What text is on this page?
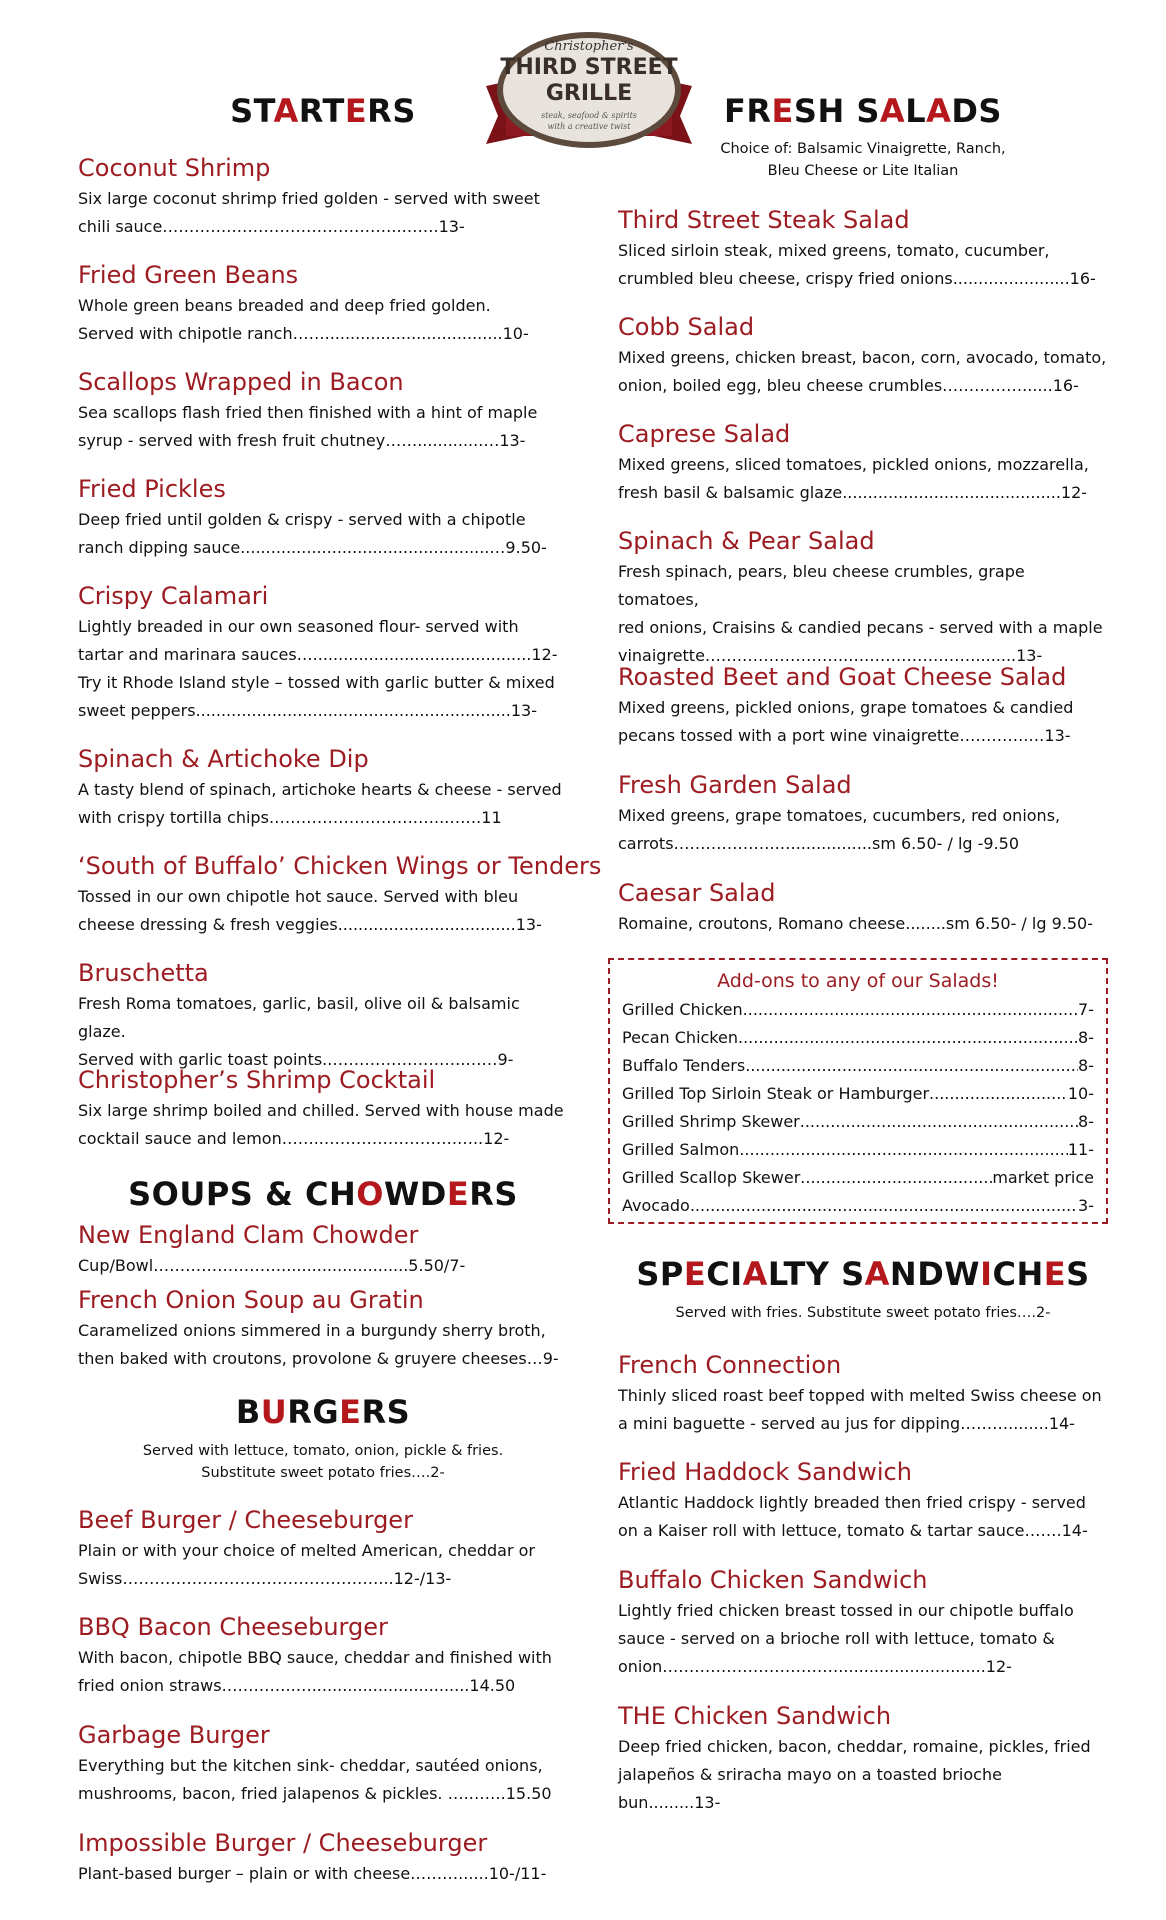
Christopher's
THIRD STREET
GRILLE
steak, seafood & spirits
with a creative twist
STARTERS
Coconut Shrimp
Six large coconut shrimp fried golden - served with sweet
chili sauce………….…………………………..…….13-
Fried Green Beans
Whole green beans breaded and deep fried golden.
Served with chipotle ranch……...................................10-
Scallops Wrapped in Bacon
Sea scallops flash fried then finished with a hint of maple
syrup - served with fresh fruit chutney…….............…13-
Fried Pickles
Deep fried until golden & crispy - served with a chipotle
ranch dipping sauce.................................................…9.50-
Crispy Calamari
Lightly breaded in our own seasoned flour- served with
tartar and marinara sauces…...........................................12-
Try it Rhode Island style – tossed with garlic butter & mixed
sweet peppers..............................................................13-
Spinach & Artichoke Dip
A tasty blend of spinach, artichoke hearts & cheese - served
with crispy tortilla chips……………………….…..…….11
‘South of Buffalo’ Chicken Wings or Tenders
Tossed in our own chipotle hot sauce. Served with bleu
cheese dressing & fresh veggies...................................13-
Bruschetta
Fresh Roma tomatoes, garlic, basil, olive oil & balsamic glaze.
Served with garlic toast points..…………………….……9-
Christopher’s Shrimp Cocktail
Six large shrimp boiled and chilled. Served with house made
cocktail sauce and lemon……..…………………….…..12-
SOUPS & CHOWDERS
New England Clam Chowder
Cup/Bowl…………………….........................5.50/7-
French Onion Soup au Gratin
Caramelized onions simmered in a burgundy sherry broth,
then baked with croutons, provolone & gruyere cheeses…9-
BURGERS
Served with lettuce, tomato, onion, pickle & fries.
Substitute sweet potato fries….2-
Beef Burger / Cheeseburger
Plain or with your choice of melted American, cheddar or
Swiss…………………………………………...12-/13-
BBQ Bacon Cheeseburger
With bacon, chipotle BBQ sauce, cheddar and finished with
fried onion straws…………..…...............................14.50
Garbage Burger
Everything but the kitchen sink- cheddar, sautéed onions,
mushrooms, bacon, fried jalapenos & pickles. ….…….15.50
Impossible Burger / Cheeseburger
Plant-based burger – plain or with cheese………......10-/11-
FRESH SALADS
Choice of: Balsamic Vinaigrette, Ranch,
Bleu Cheese or Lite Italian
Third Street Steak Salad
Sliced sirloin steak, mixed greens, tomato, cucumber,
crumbled bleu cheese, crispy fried onions.......................16-
Cobb Salad
Mixed greens, chicken breast, bacon, corn, avocado, tomato,
onion, boiled egg, bleu cheese crumbles……………......16-
Caprese Salad
Mixed greens, sliced tomatoes, pickled onions, mozzarella,
fresh basil & balsamic glaze...........................................12-
Spinach & Pear Salad
Fresh spinach, pears, bleu cheese crumbles, grape tomatoes,
red onions, Craisins & candied pecans - served with a maple
vinaigrette…….………………..….…….…….……........13-
Roasted Beet and Goat Cheese Salad
Mixed greens, pickled onions, grape tomatoes & candied
pecans tossed with a port wine vinaigrette………….…13-
Fresh Garden Salad
Mixed greens, grape tomatoes, cucumbers, red onions,
carrots………………..…...............sm 6.50- / lg -9.50
Caesar Salad
Romaine, croutons, Romano cheese........sm 6.50- / lg 9.50-
SPECIALTY SANDWICHES
Served with fries. Substitute sweet potato fries….2-
French Connection
Thinly sliced roast beef topped with melted Swiss cheese on
a mini baguette - served au jus for dipping………........14-
Fried Haddock Sandwich
Atlantic Haddock lightly breaded then fried crispy - served
on a Kaiser roll with lettuce, tomato & tartar sauce…….14-
Buffalo Chicken Sandwich
Lightly fried chicken breast tossed in our chipotle buffalo
sauce - served on a brioche roll with lettuce, tomato &
onion…………………………….............................12-
THE Chicken Sandwich
Deep fried chicken, bacon, cheddar, romaine, pickles, fried
jalapeños & sriracha mayo on a toasted brioche bun.........13-
Add-ons to any of our Salads!
Grilled Chicken .....	7-
Pecan Chicken .....	8-
Buffalo Tenders .....	8-
Grilled Top Sirloin Steak or Hamburger .....	10-
Grilled Shrimp Skewer .....	8-
Grilled Salmon .....	11-
Grilled Scallop Skewer .....	market price
Avocado .....	3-
